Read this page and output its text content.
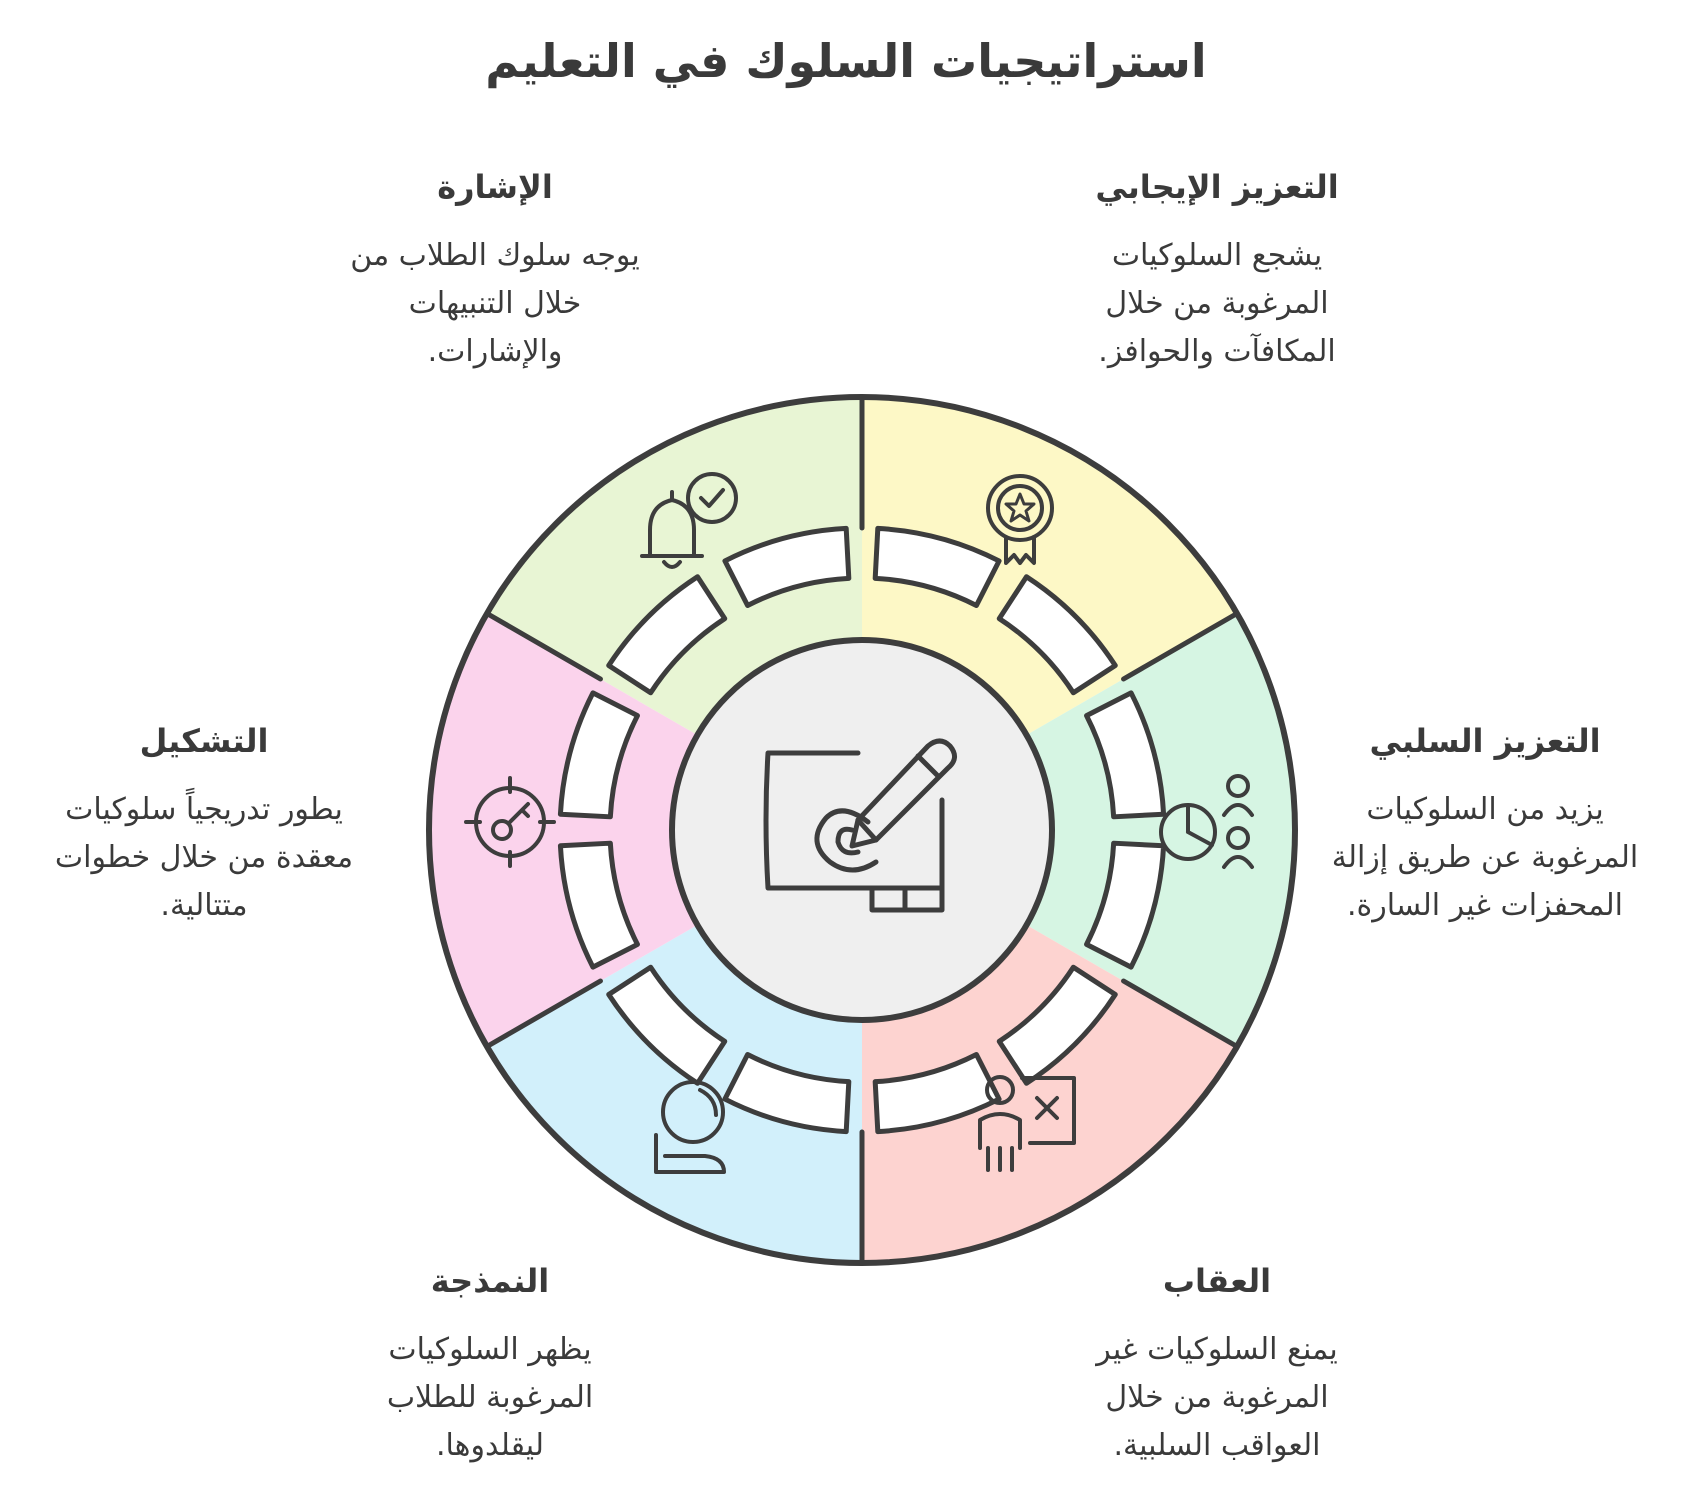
استراتيجيات السلوك في التعليم
التعزيز الإيجابي

يشجع السلوكيات
المرغوبة من خلال
المكافآت والحوافز.

الإشارة

يوجه سلوك الطلاب من
خلال التنبيهات
والإشارات.

التعزيز السلبي

يزيد من السلوكيات
المرغوبة عن طريق إزالة
المحفزات غير السارة.

التشكيل

يطور تدريجياً سلوكيات
معقدة من خلال خطوات
متتالية.

العقاب

يمنع السلوكيات غير
المرغوبة من خلال
العواقب السلبية.

النمذجة

يظهر السلوكيات
المرغوبة للطلاب
ليقلدوها.
